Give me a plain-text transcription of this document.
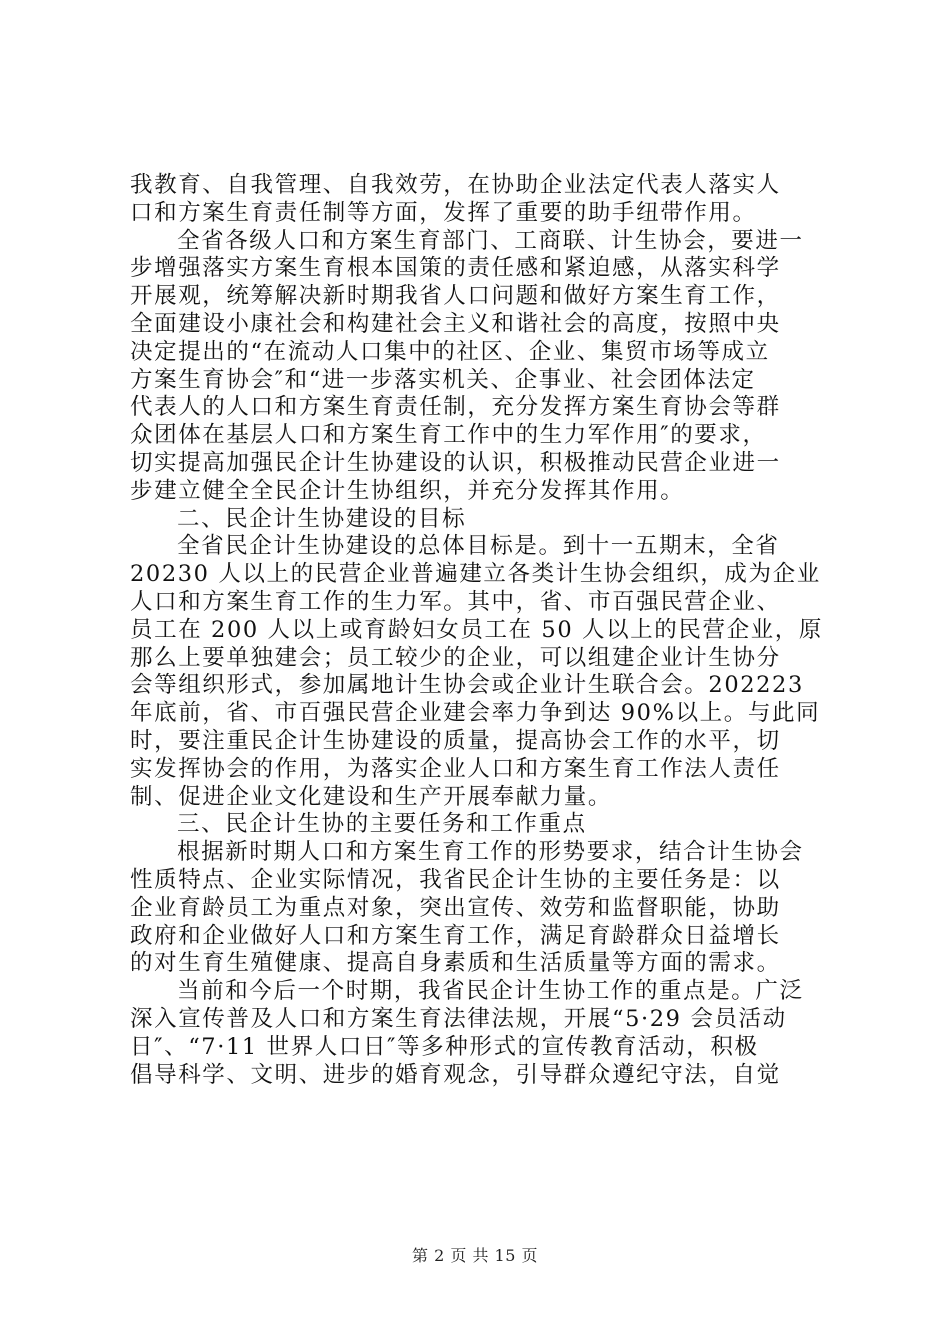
我教育、自我管理、自我效劳，在协助企业法定代表人落实人
口和方案生育责任制等方面，发挥了重要的助手纽带作用。
全省各级人口和方案生育部门、工商联、计生协会，要进一
步增强落实方案生育根本国策的责任感和紧迫感，从落实科学
开展观，统筹解决新时期我省人口问题和做好方案生育工作，
全面建设小康社会和构建社会主义和谐社会的高度，按照中央
决定提出的“在流动人口集中的社区、企业、集贸市场等成立
方案生育协会″和“进一步落实机关、企事业、社会团体法定
代表人的人口和方案生育责任制，充分发挥方案生育协会等群
众团体在基层人口和方案生育工作中的生力军作用″的要求，
切实提高加强民企计生协建设的认识，积极推动民营企业进一
步建立健全全民企计生协组织，并充分发挥其作用。
二、民企计生协建设的目标
全省民企计生协建设的总体目标是。到十一五期末，全省
20230 人以上的民营企业普遍建立各类计生协会组织，成为企业
人口和方案生育工作的生力军。其中，省、市百强民营企业、
员工在 200 人以上或育龄妇女员工在 50 人以上的民营企业，原
那么上要单独建会；员工较少的企业，可以组建企业计生协分
会等组织形式，参加属地计生协会或企业计生联合会。202223
年底前，省、市百强民营企业建会率力争到达 90%以上。与此同
时，要注重民企计生协建设的质量，提高协会工作的水平，切
实发挥协会的作用，为落实企业人口和方案生育工作法人责任
制、促进企业文化建设和生产开展奉献力量。
三、民企计生协的主要任务和工作重点
根据新时期人口和方案生育工作的形势要求，结合计生协会
性质特点、企业实际情况，我省民企计生协的主要任务是：以
企业育龄员工为重点对象，突出宣传、效劳和监督职能，协助
政府和企业做好人口和方案生育工作，满足育龄群众日益增长
的对生育生殖健康、提高自身素质和生活质量等方面的需求。
当前和今后一个时期，我省民企计生协工作的重点是。广泛
深入宣传普及人口和方案生育法律法规，开展“5·29 会员活动
日″、“7·11 世界人口日″等多种形式的宣传教育活动，积极
倡导科学、文明、进步的婚育观念，引导群众遵纪守法，自觉
第 2 页 共 15 页
